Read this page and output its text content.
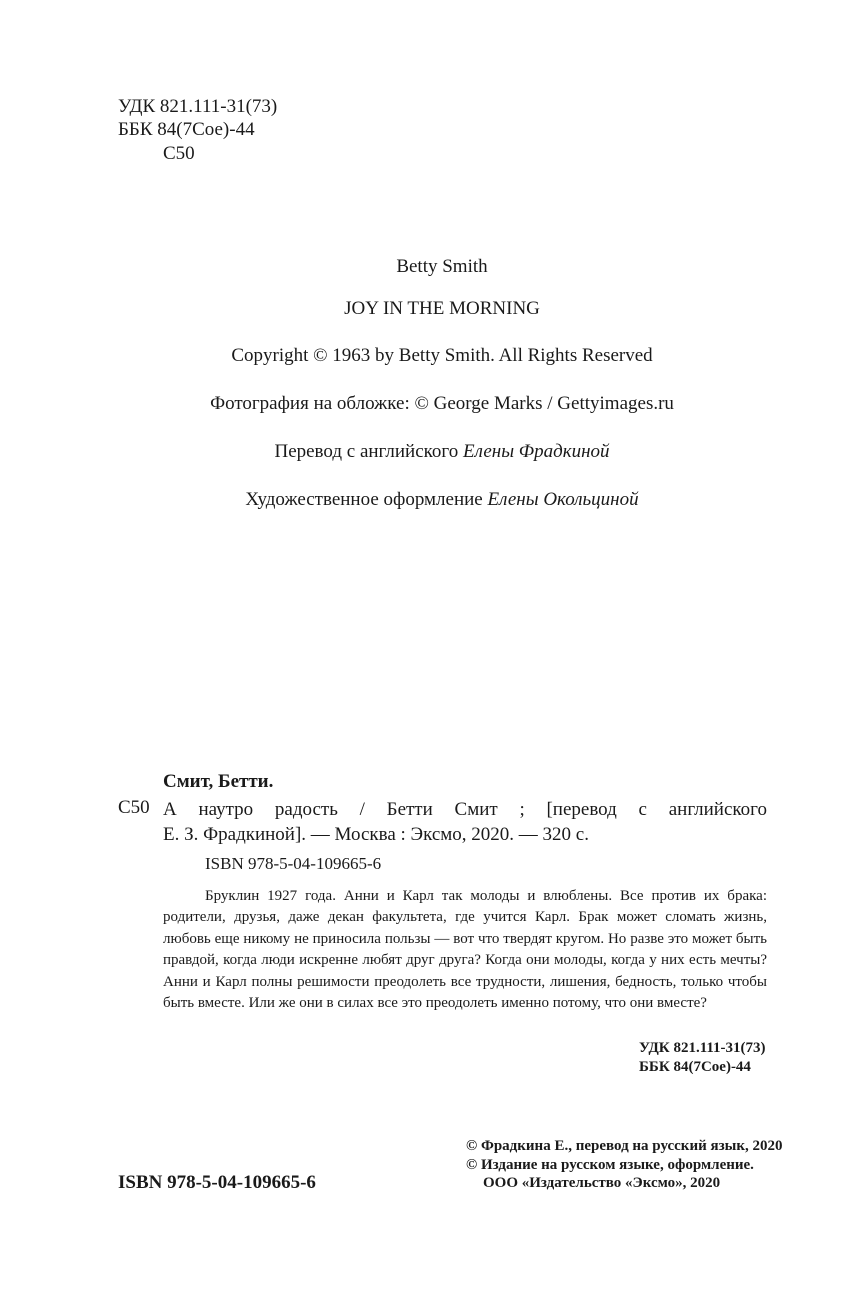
УДК 821.111-31(73)
ББК 84(7Сое)-44
С50
Betty Smith
JOY IN THE MORNING
Copyright © 1963 by Betty Smith. All Rights Reserved
Фотография на обложке: © George Marks / Gettyimages.ru
Перевод с английского Елены Фрадкиной
Художественное оформление Елены Окольциной
Смит, Бетти.
С50 А наутро радость / Бетти Смит ; [перевод с английского
Е. З. Фрадкиной]. — Москва : Эксмо, 2020. — 320 с.
ISBN 978-5-04-109665-6
Бруклин 1927 года. Анни и Карл так молоды и влюблены. Все против их брака: родители, друзья, даже декан факультета, где учится Карл. Брак может сломать жизнь, любовь еще никому не приносила пользы — вот что твердят кругом. Но разве это может быть правдой, когда люди искренне любят друг друга? Когда они молоды, когда у них есть мечты? Анни и Карл полны решимости преодолеть все трудности, лишения, бедность, только чтобы быть вместе. Или же они в силах все это преодолеть именно потому, что они вместе?
УДК 821.111-31(73)
ББК 84(7Сое)-44
© Фрадкина Е., перевод на русский язык, 2020
© Издание на русском языке, оформление.
ООО «Издательство «Эксмо», 2020
ISBN 978-5-04-109665-6
